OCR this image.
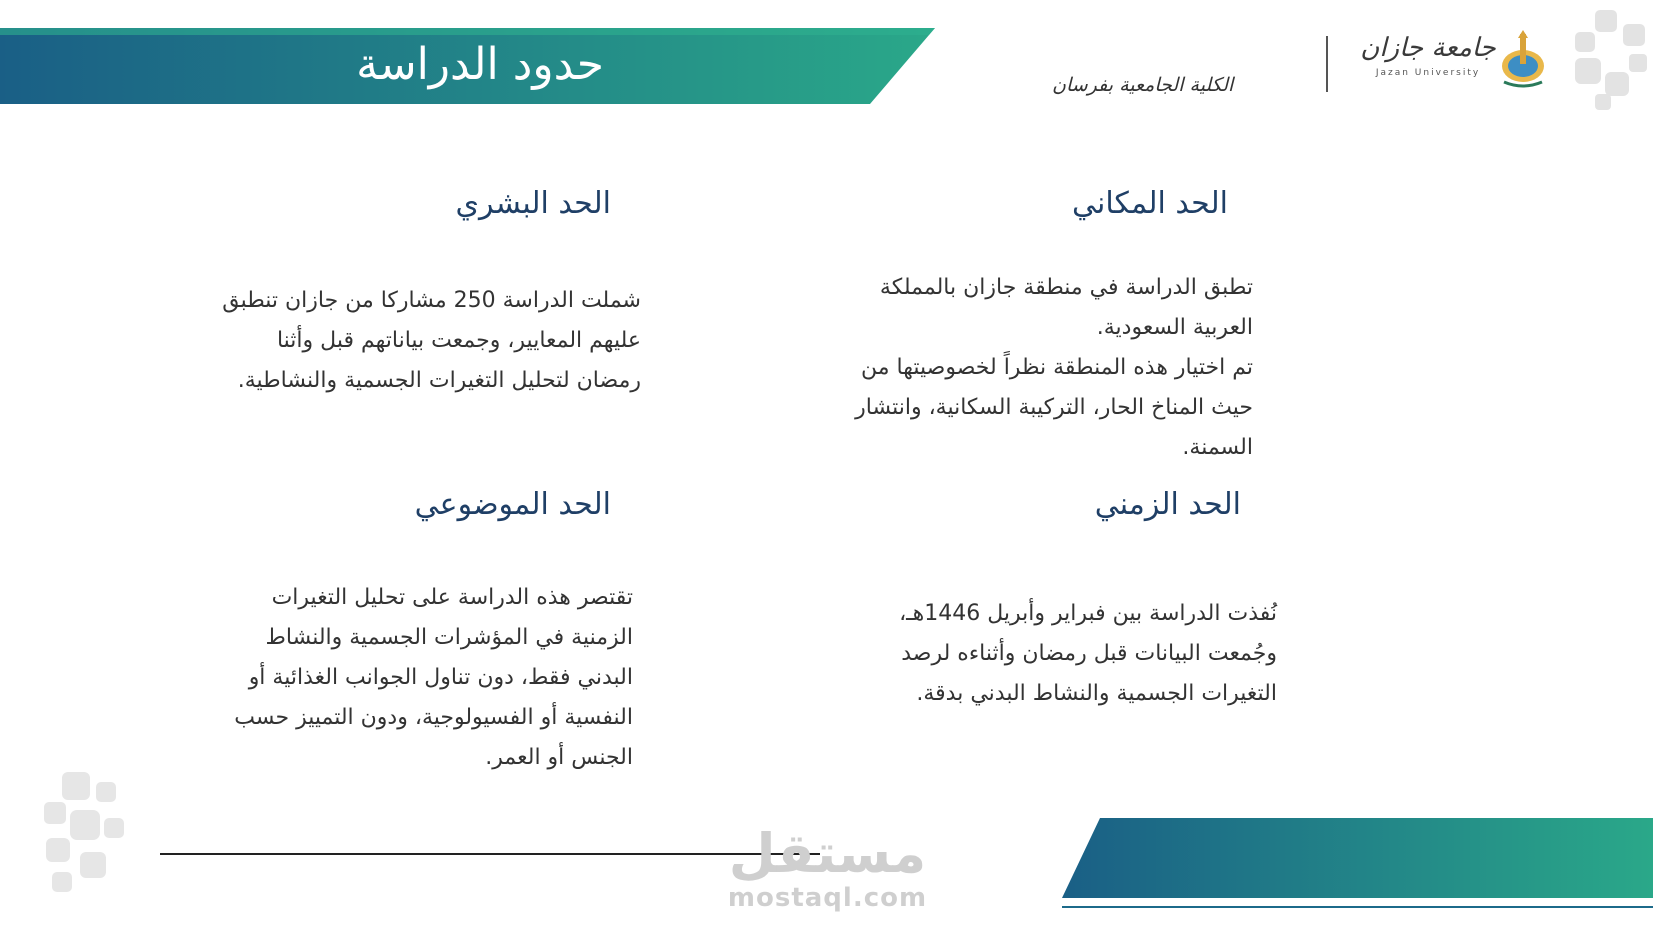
حدود الدراسة	الكلية الجامعية بفرسان
جامعة جازان
Jazan University
الحد المكاني
تطبق الدراسة في منطقة جازان بالمملكة
العربية السعودية.
تم اختيار هذه المنطقة نظراً لخصوصيتها من
حيث المناخ الحار، التركيبة السكانية، وانتشار
السمنة.
الحد البشري
شملت الدراسة 250 مشاركا من جازان تنطبق
عليهم المعايير، وجمعت بياناتهم قبل وأثنا
رمضان لتحليل التغيرات الجسمية والنشاطية.
الحد الزمني
نُفذت الدراسة بين فبراير وأبريل 1446هـ،
وجُمعت البيانات قبل رمضان وأثناءه لرصد
التغيرات الجسمية والنشاط البدني بدقة.
الحد الموضوعي
تقتصر هذه الدراسة على تحليل التغيرات
الزمنية في المؤشرات الجسمية والنشاط
البدني فقط، دون تناول الجوانب الغذائية أو
النفسية أو الفسيولوجية، ودون التمييز حسب
الجنس أو العمر.
مستقل
mostaql.com
